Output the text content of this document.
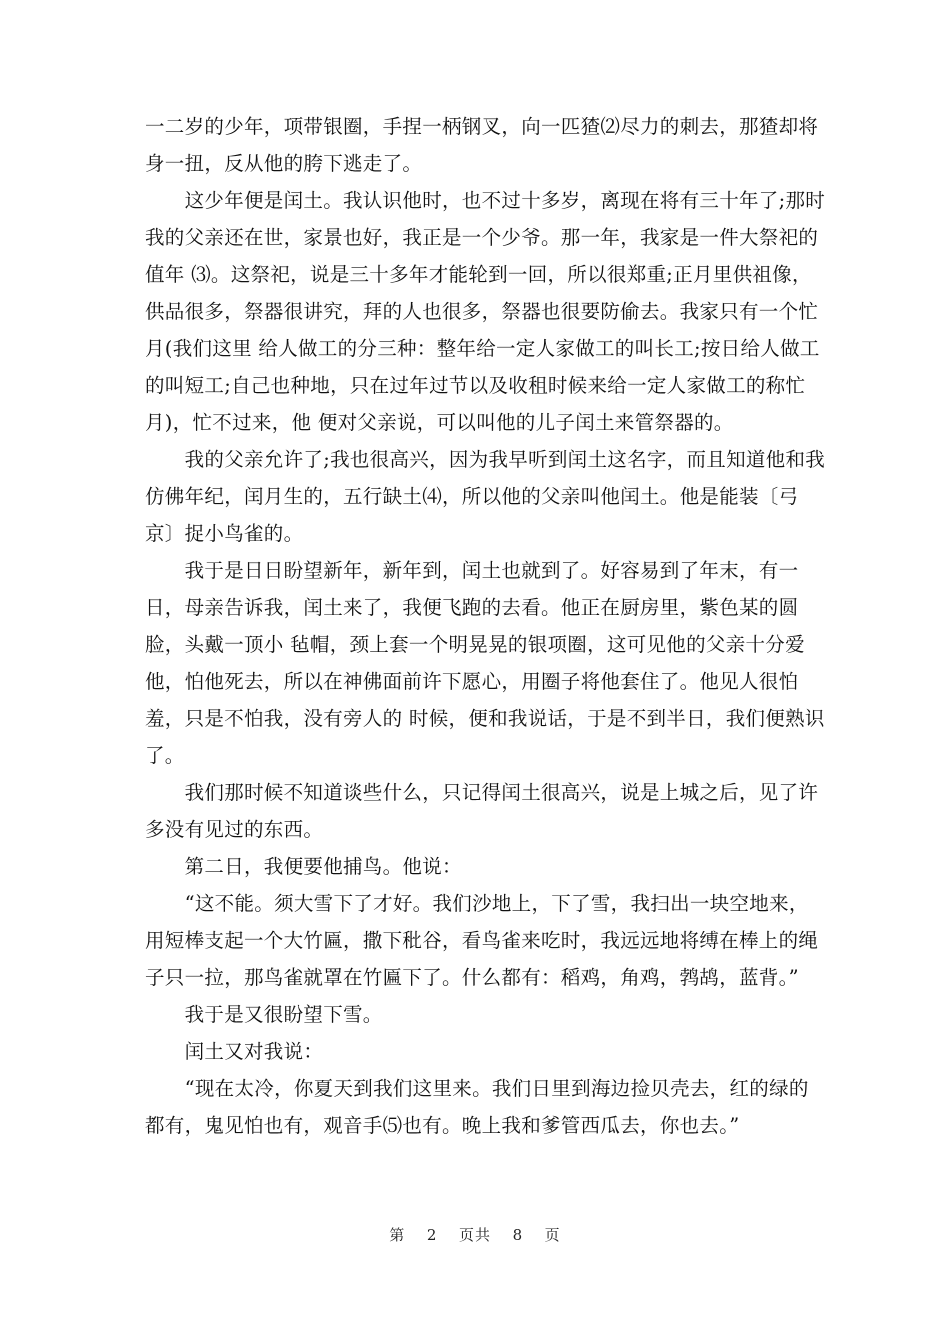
一二岁的少年，项带银圈，手捏一柄钢叉，向一匹猹⑵尽力的刺去，那猹却将
身一扭，反从他的胯下逃走了。
　　这少年便是闰土。我认识他时，也不过十多岁，离现在将有三十年了;那时
我的父亲还在世，家景也好，我正是一个少爷。那一年，我家是一件大祭祀的
值年 ⑶。这祭祀，说是三十多年才能轮到一回，所以很郑重;正月里供祖像，
供品很多，祭器很讲究，拜的人也很多，祭器也很要防偷去。我家只有一个忙
月(我们这里 给人做工的分三种：整年给一定人家做工的叫长工;按日给人做工
的叫短工;自己也种地，只在过年过节以及收租时候来给一定人家做工的称忙
月)，忙不过来，他 便对父亲说，可以叫他的儿子闰土来管祭器的。
　　我的父亲允许了;我也很高兴，因为我早听到闰土这名字，而且知道他和我
仿佛年纪，闰月生的，五行缺土⑷，所以他的父亲叫他闰土。他是能装〔弓
京〕捉小鸟雀的。
　　我于是日日盼望新年，新年到，闰土也就到了。好容易到了年末，有一
日，母亲告诉我，闰土来了，我便飞跑的去看。他正在厨房里，紫色某的圆
脸，头戴一顶小 毡帽，颈上套一个明晃晃的银项圈，这可见他的父亲十分爱
他，怕他死去，所以在神佛面前许下愿心，用圈子将他套住了。他见人很怕
羞，只是不怕我，没有旁人的 时候，便和我说话，于是不到半日，我们便熟识
了。
　　我们那时候不知道谈些什么，只记得闰土很高兴，说是上城之后，见了许
多没有见过的东西。
　　第二日，我便要他捕鸟。他说：
　　“这不能。须大雪下了才好。我们沙地上，下了雪，我扫出一块空地来，
用短棒支起一个大竹匾，撒下秕谷，看鸟雀来吃时，我远远地将缚在棒上的绳
子只一拉，那鸟雀就罩在竹匾下了。什么都有：稻鸡，角鸡，鹁鸪，蓝背。”
　　我于是又很盼望下雪。
　　闰土又对我说：
　　“现在太冷，你夏天到我们这里来。我们日里到海边捡贝壳去，红的绿的
都有，鬼见怕也有，观音手⑸也有。晚上我和爹管西瓜去，你也去。”
第 2 页共 8 页
